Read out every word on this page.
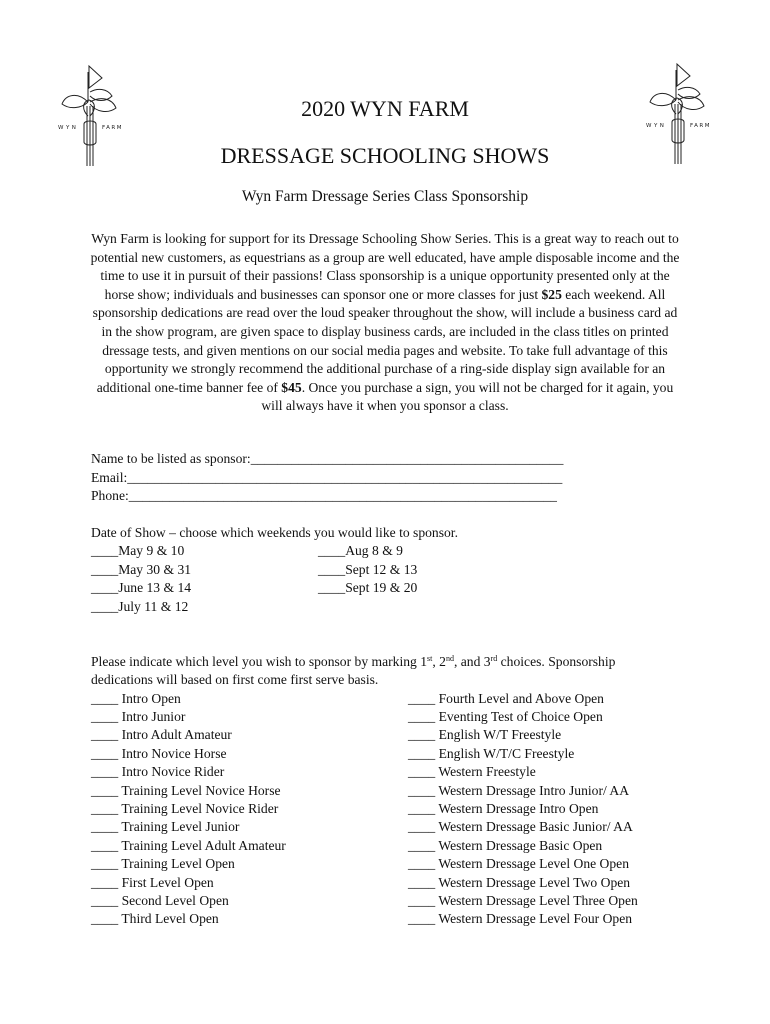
WYN	FARM	WYN	FARM
2020 WYN FARM
DRESSAGE SCHOOLING SHOWS
Wyn Farm Dressage Series Class Sponsorship
Wyn Farm is looking for support for its Dressage Schooling Show Series. This is a great way to reach out to potential new customers, as equestrians as a group are well educated, have ample disposable income and the time to use it in pursuit of their passions! Class sponsorship is a unique opportunity presented only at the horse show; individuals and businesses can sponsor one or more classes for just $25 each weekend. All sponsorship dedications are read over the loud speaker throughout the show, will include a business card ad in the show program, are given space to display business cards, are included in the class titles on printed dressage tests, and given mentions on our social media pages and website. To take full advantage of this opportunity we strongly recommend the additional purchase of a ring-side display sign available for an additional one-time banner fee of $45. Once you purchase a sign, you will not be charged for it again, you will always have it when you sponsor a class.
Name to be listed as sponsor:______________________________________________
Email:________________________________________________________________
Phone:_______________________________________________________________
Date of Show – choose which weekends you would like to sponsor.
____May 9 & 10
____May 30 & 31
____June 13 & 14
____July 11 & 12
____Aug 8 & 9
____Sept 12 & 13
____Sept 19 & 20
Please indicate which level you wish to sponsor by marking 1st, 2nd, and 3rd choices. Sponsorship
dedications will based on first come first serve basis.
____ Intro Open
____ Intro Junior
____ Intro Adult Amateur
____ Intro Novice Horse
____ Intro Novice Rider
____ Training Level Novice Horse
____ Training Level Novice Rider
____ Training Level Junior
____ Training Level Adult Amateur
____ Training Level Open
____ First Level Open
____ Second Level Open
____ Third Level Open
____ Fourth Level and Above Open
____ Eventing Test of Choice Open
____ English W/T Freestyle
____ English W/T/C Freestyle
____ Western Freestyle
____ Western Dressage Intro Junior/ AA
____ Western Dressage Intro Open
____ Western Dressage Basic Junior/ AA
____ Western Dressage Basic Open
____ Western Dressage Level One Open
____ Western Dressage Level Two Open
____ Western Dressage Level Three Open
____ Western Dressage Level Four Open
